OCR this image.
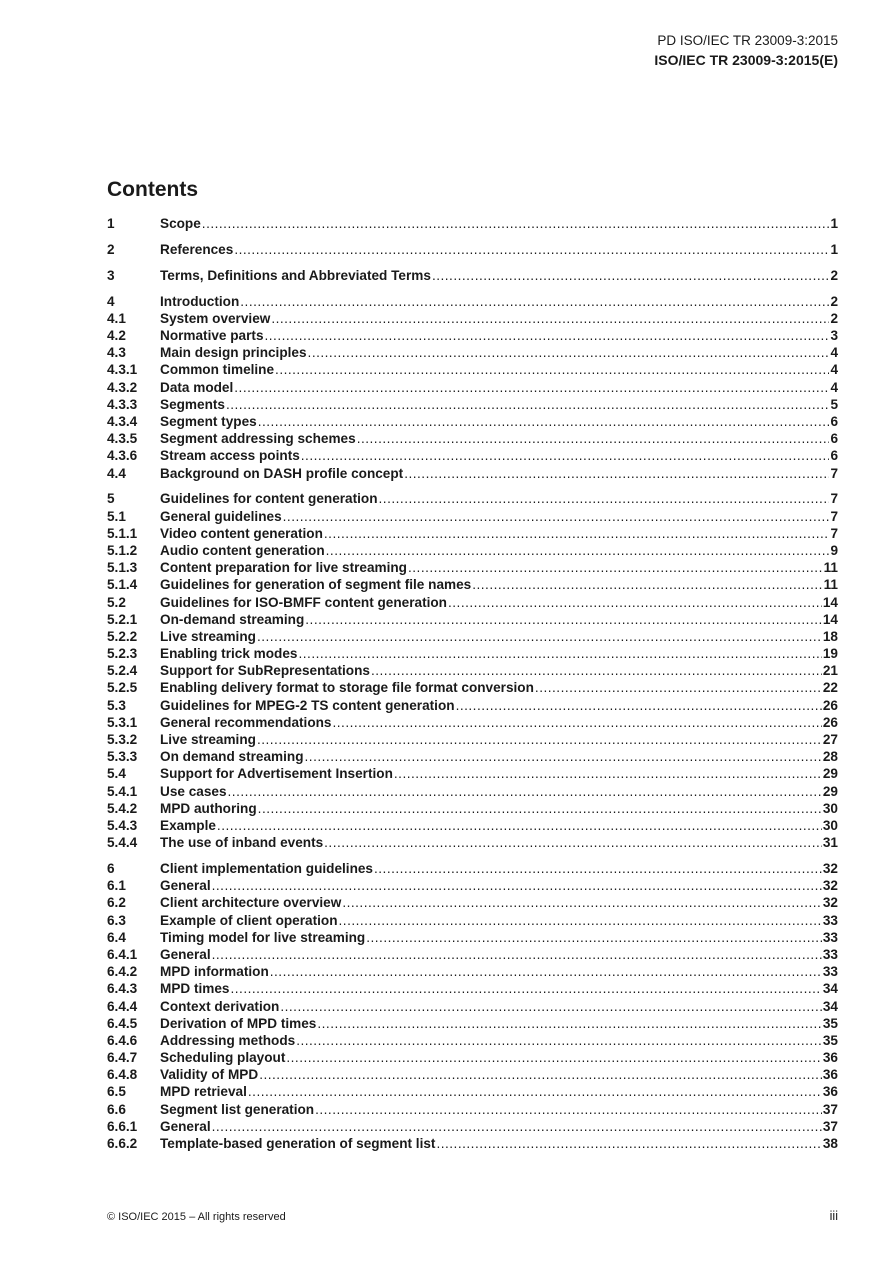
PD ISO/IEC TR 23009-3:2015
ISO/IEC TR 23009-3:2015(E)
Contents
1	Scope .....	1
2	References .....	1
3	Terms, Definitions and Abbreviated Terms .....	2
4	Introduction .....	2
4.1	System overview .....	2
4.2	Normative parts .....	3
4.3	Main design principles .....	4
4.3.1	Common timeline .....	4
4.3.2	Data model .....	4
4.3.3	Segments .....	5
4.3.4	Segment types .....	6
4.3.5	Segment addressing schemes .....	6
4.3.6	Stream access points .....	6
4.4	Background on DASH profile concept .....	7
5	Guidelines for content generation .....	7
5.1	General guidelines .....	7
5.1.1	Video content generation .....	7
5.1.2	Audio content generation .....	9
5.1.3	Content preparation for live streaming .....	11
5.1.4	Guidelines for generation of segment file names .....	11
5.2	Guidelines for ISO-BMFF content generation .....	14
5.2.1	On-demand streaming .....	14
5.2.2	Live streaming .....	18
5.2.3	Enabling trick modes .....	19
5.2.4	Support for SubRepresentations .....	21
5.2.5	Enabling delivery format to storage file format conversion .....	22
5.3	Guidelines for MPEG-2 TS content generation .....	26
5.3.1	General recommendations .....	26
5.3.2	Live streaming .....	27
5.3.3	On demand streaming .....	28
5.4	Support for Advertisement Insertion .....	29
5.4.1	Use cases .....	29
5.4.2	MPD authoring .....	30
5.4.3	Example .....	30
5.4.4	The use of inband events .....	31
6	Client implementation guidelines .....	32
6.1	General .....	32
6.2	Client architecture overview .....	32
6.3	Example of client operation .....	33
6.4	Timing model for live streaming .....	33
6.4.1	General .....	33
6.4.2	MPD information .....	33
6.4.3	MPD times .....	34
6.4.4	Context derivation .....	34
6.4.5	Derivation of MPD times .....	35
6.4.6	Addressing methods .....	35
6.4.7	Scheduling playout .....	36
6.4.8	Validity of MPD .....	36
6.5	MPD retrieval .....	36
6.6	Segment list generation .....	37
6.6.1	General .....	37
6.6.2	Template-based generation of segment list .....	38
© ISO/IEC 2015 – All rights reserved	iii
